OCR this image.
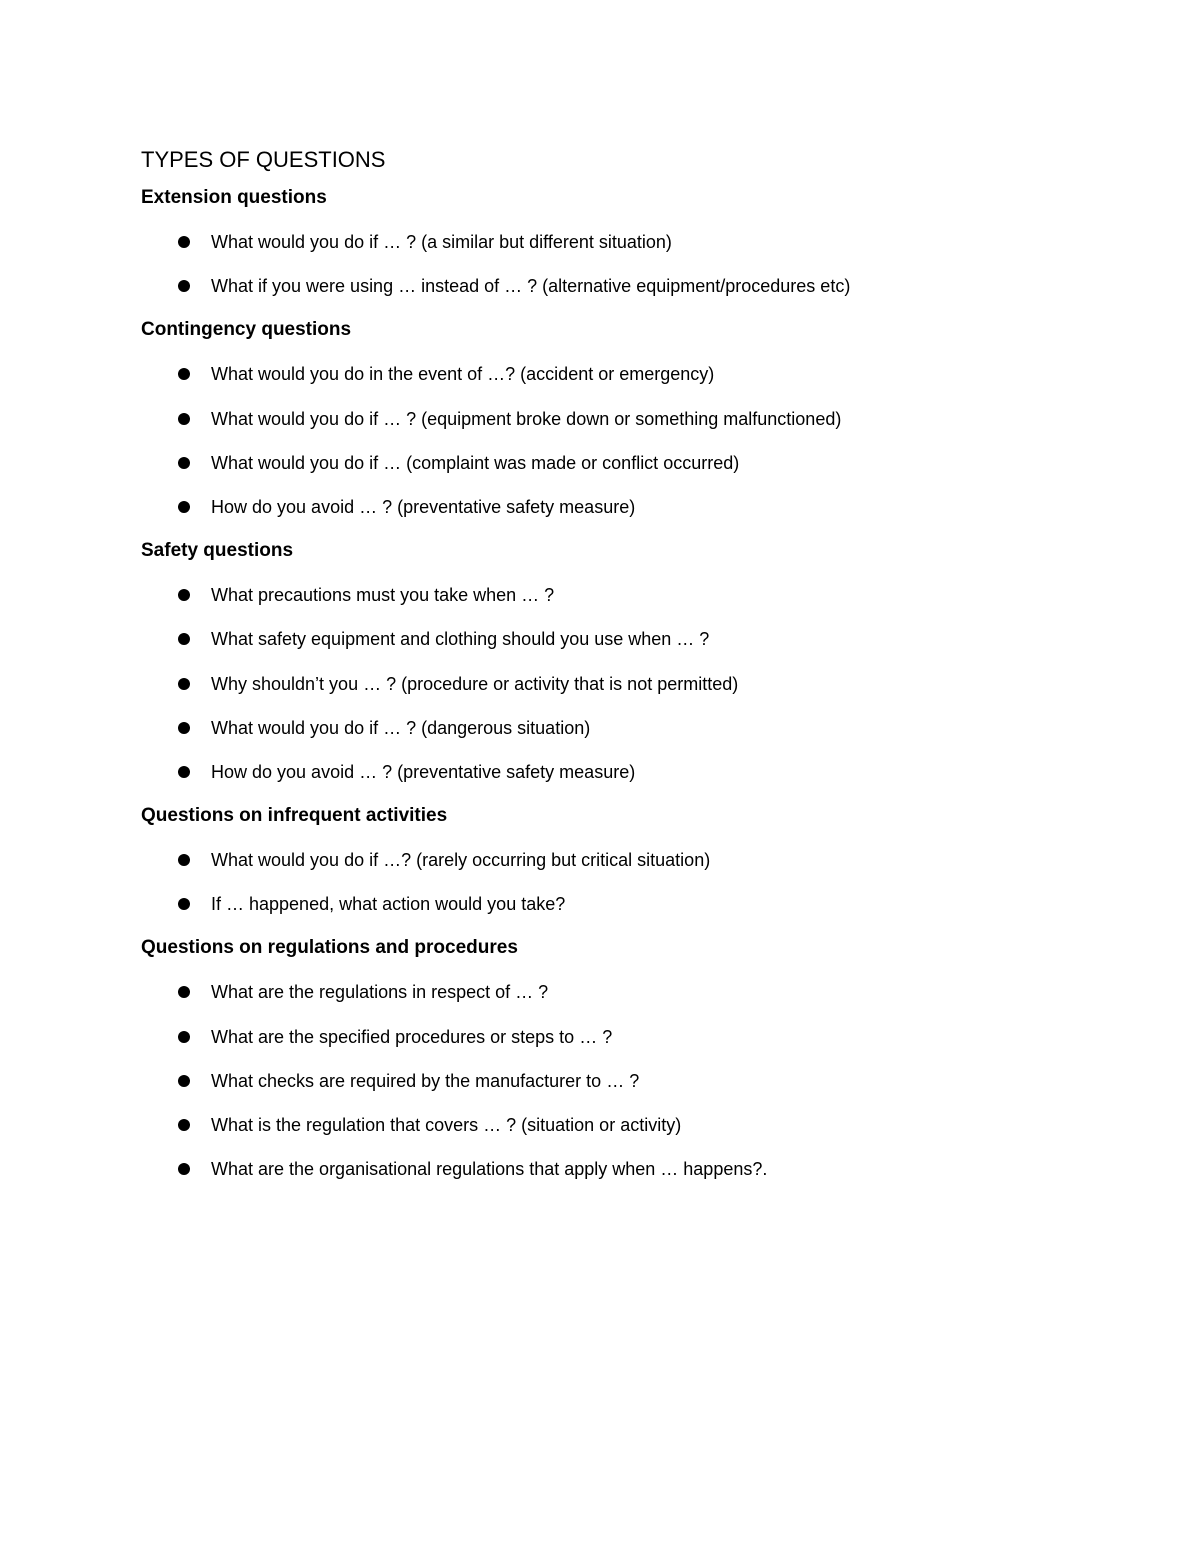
TYPES OF QUESTIONS
Extension questions
What would you do if … ? (a similar but different situation)
What if you were using … instead of … ? (alternative equipment/procedures etc)
Contingency questions
What would you do in the event of …? (accident or emergency)
What would you do if … ? (equipment broke down or something malfunctioned)
What would you do if … (complaint was made or conflict occurred)
How do you avoid … ? (preventative safety measure)
Safety questions
What precautions must you take when … ?
What safety equipment and clothing should you use when … ?
Why shouldn’t you … ? (procedure or activity that is not permitted)
What would you do if … ? (dangerous situation)
How do you avoid … ? (preventative safety measure)
Questions on infrequent activities
What would you do if …? (rarely occurring but critical situation)
If … happened, what action would you take?
Questions on regulations and procedures
What are the regulations in respect of … ?
What are the specified procedures or steps to … ?
What checks are required by the manufacturer to … ?
What is the regulation that covers … ? (situation or activity)
What are the organisational regulations that apply when … happens?.
